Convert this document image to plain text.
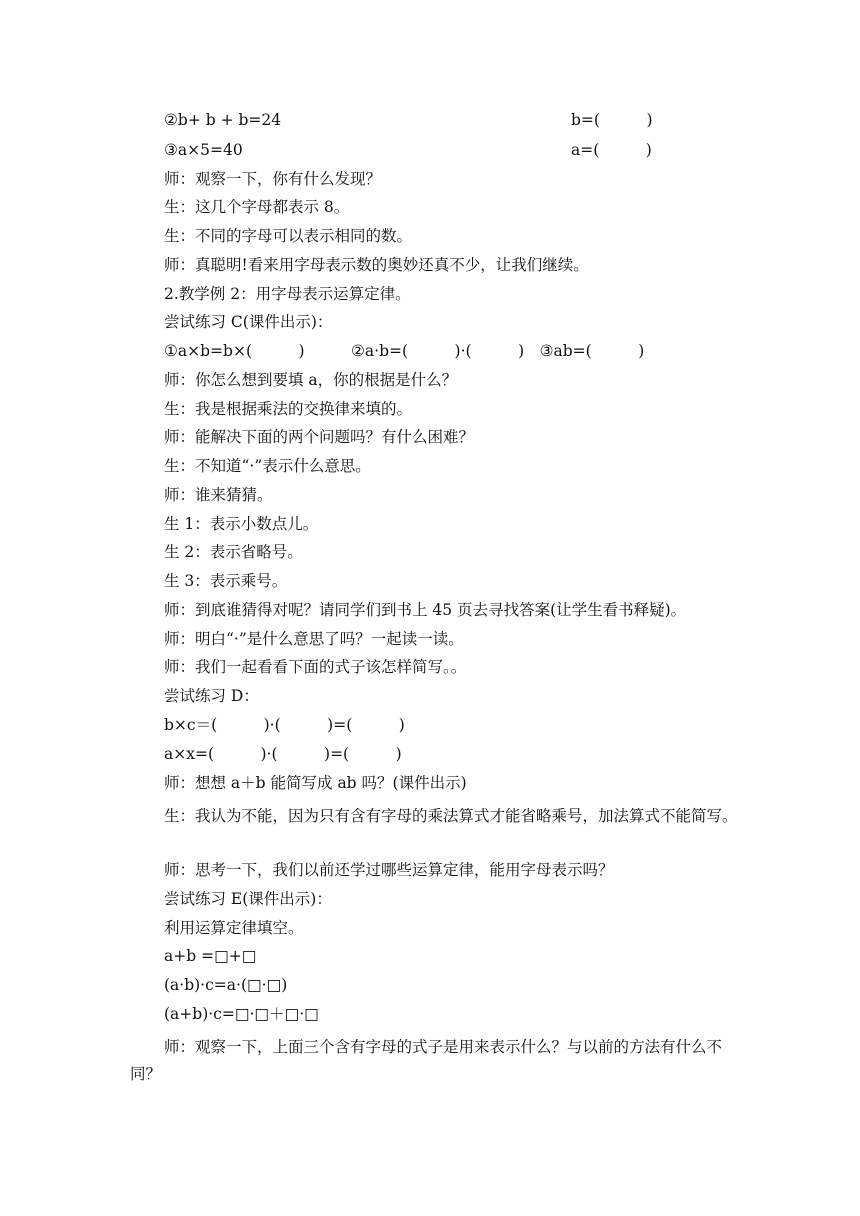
②b+ b + b=24	b=(　　　)
③a×5=40	a=(　　　)
师：观察一下，你有什么发现？
生：这几个字母都表示 8。
生：不同的字母可以表示相同的数。
师：真聪明!看来用字母表示数的奥妙还真不少，让我们继续。
2.教学例 2：用字母表示运算定律。
尝试练习 C(课件出示)：
①a×b=b×(　　　)　　　②a·b=(　　　)·(　　　)　③ab=(　　　)
师：你怎么想到要填 a，你的根据是什么？
生：我是根据乘法的交换律来填的。
师：能解决下面的两个问题吗？有什么困难？
生：不知道“·”表示什么意思。
师：谁来猜猜。
生 1：表示小数点儿。
生 2：表示省略号。
生 3：表示乘号。
师：到底谁猜得对呢？请同学们到书上 45 页去寻找答案(让学生看书释疑)。
师：明白“·”是什么意思了吗？一起读一读。
师：我们一起看看下面的式子该怎样简写。。
尝试练习 D：
b×c＝(　　　)·(　　　)=(　　　)
a×x=(　　　)·(　　　)=(　　　)
师：想想 a＋b 能简写成 ab 吗？(课件出示)
生：我认为不能，因为只有含有字母的乘法算式才能省略乘号，加法算式不能简写。
师：思考一下，我们以前还学过哪些运算定律，能用字母表示吗？
尝试练习 E(课件出示)：
利用运算定律填空。
a+b =□+□
(a·b)·c=a·(□·□)
(a+b)·c=□·□＋□·□
师：观察一下，上面三个含有字母的式子是用来表示什么？与以前的方法有什么不同？
